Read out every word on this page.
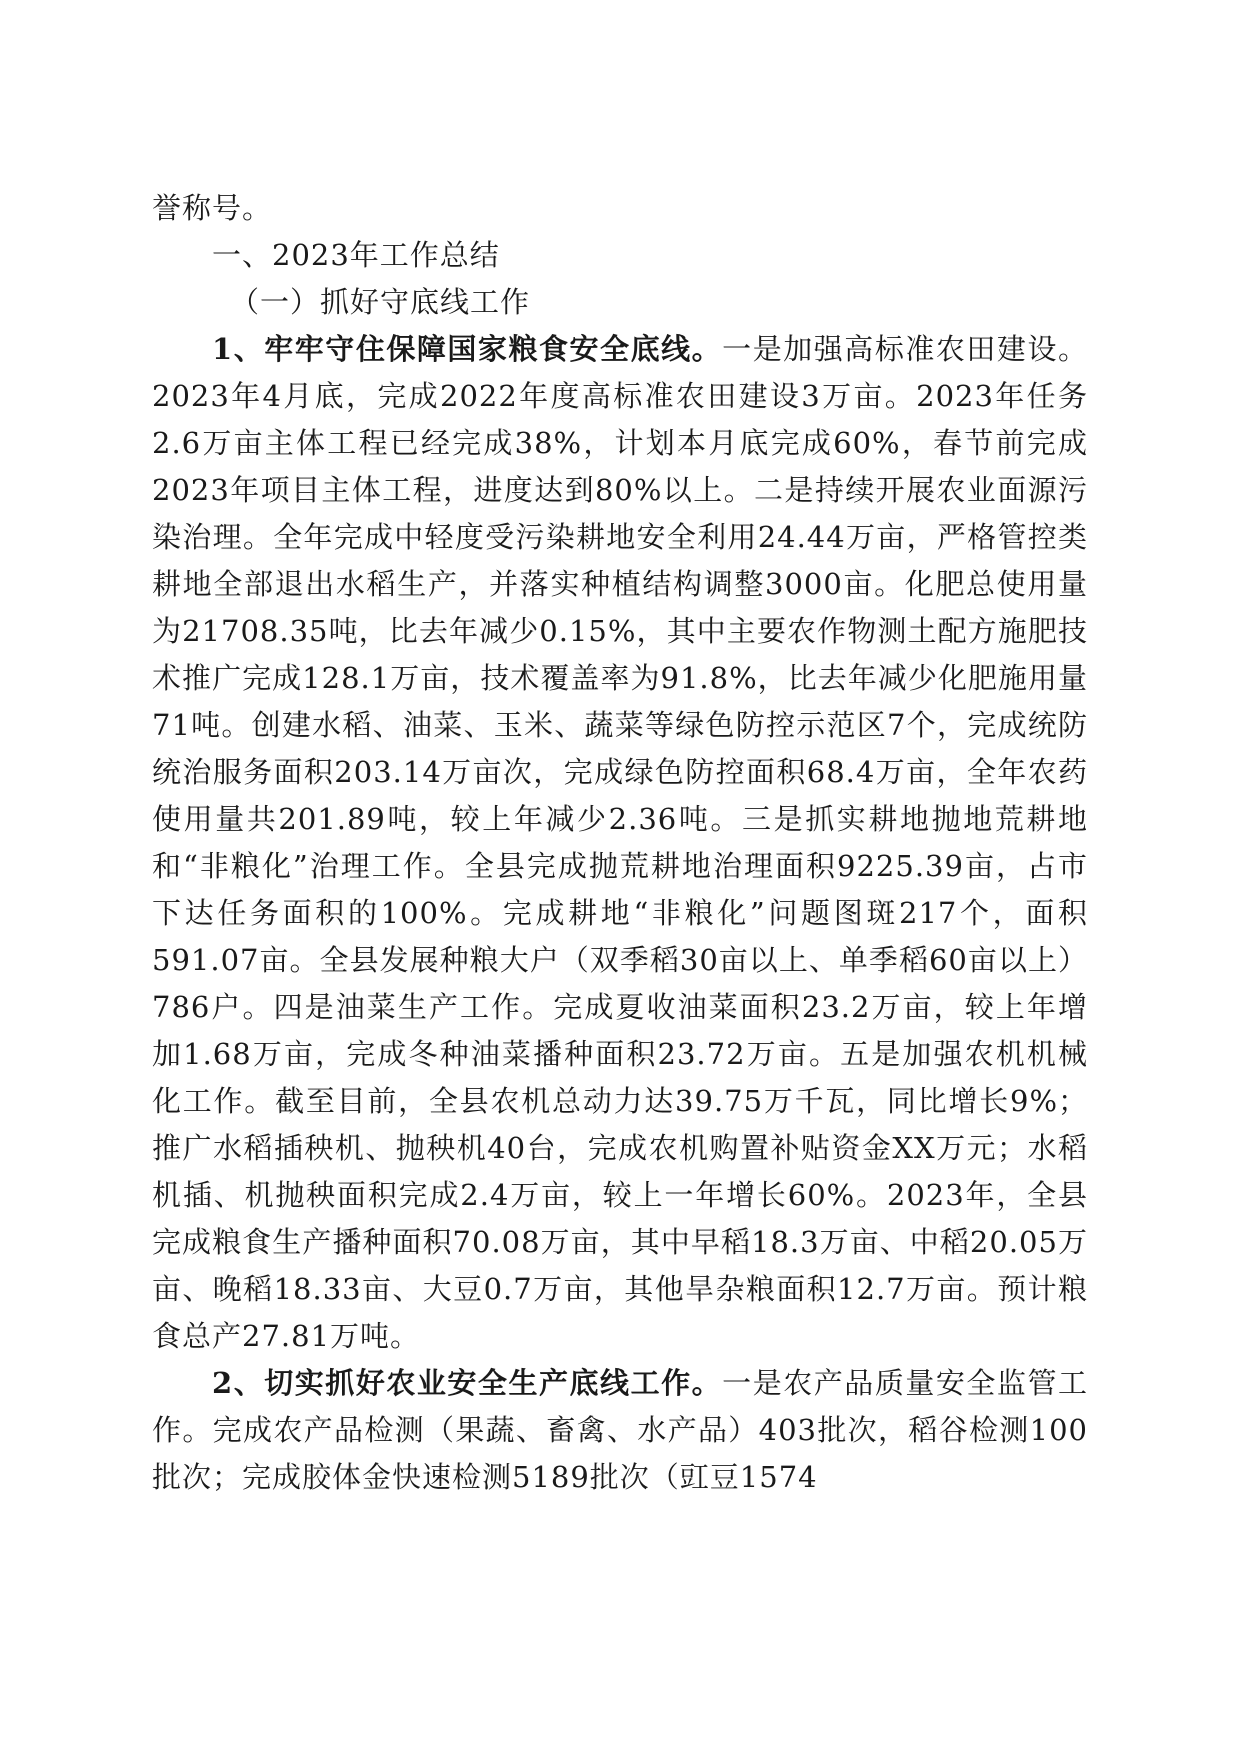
誉称号。

一、2023年工作总结

（一）抓好守底线工作

1、牢牢守住保障国家粮食安全底线。一是加强高标准农田建设。2023年4月底，完成2022年度高标准农田建设3万亩。2023年任务2.6万亩主体工程已经完成38%，计划本月底完成60%，春节前完成2023年项目主体工程，进度达到80%以上。二是持续开展农业面源污染治理。全年完成中轻度受污染耕地安全利用24.44万亩，严格管控类耕地全部退出水稻生产，并落实种植结构调整3000亩。化肥总使用量为21708.35吨，比去年减少0.15%，其中主要农作物测土配方施肥技术推广完成128.1万亩，技术覆盖率为91.8%，比去年减少化肥施用量71吨。创建水稻、油菜、玉米、蔬菜等绿色防控示范区7个，完成统防统治服务面积203.14万亩次，完成绿色防控面积68.4万亩，全年农药使用量共201.89吨，较上年减少2.36吨。三是抓实耕地抛地荒耕地和“非粮化”治理工作。全县完成抛荒耕地治理面积9225.39亩，占市下达任务面积的100%。完成耕地“非粮化”问题图斑217个，面积591.07亩。全县发展种粮大户（双季稻30亩以上、单季稻60亩以上）786户。四是油菜生产工作。完成夏收油菜面积23.2万亩，较上年增加1.68万亩，完成冬种油菜播种面积23.72万亩。五是加强农机机械化工作。截至目前，全县农机总动力达39.75万千瓦，同比增长9%；推广水稻插秧机、抛秧机40台，完成农机购置补贴资金XX万元；水稻机插、机抛秧面积完成2.4万亩，较上一年增长60%。2023年，全县完成粮食生产播种面积70.08万亩，其中早稻18.3万亩、中稻20.05万亩、晚稻18.33亩、大豆0.7万亩，其他旱杂粮面积12.7万亩。预计粮食总产27.81万吨。

2、切实抓好农业安全生产底线工作。一是农产品质量安全监管工作。完成农产品检测（果蔬、畜禽、水产品）403批次，稻谷检测100批次；完成胶体金快速检测5189批次（豇豆1574
